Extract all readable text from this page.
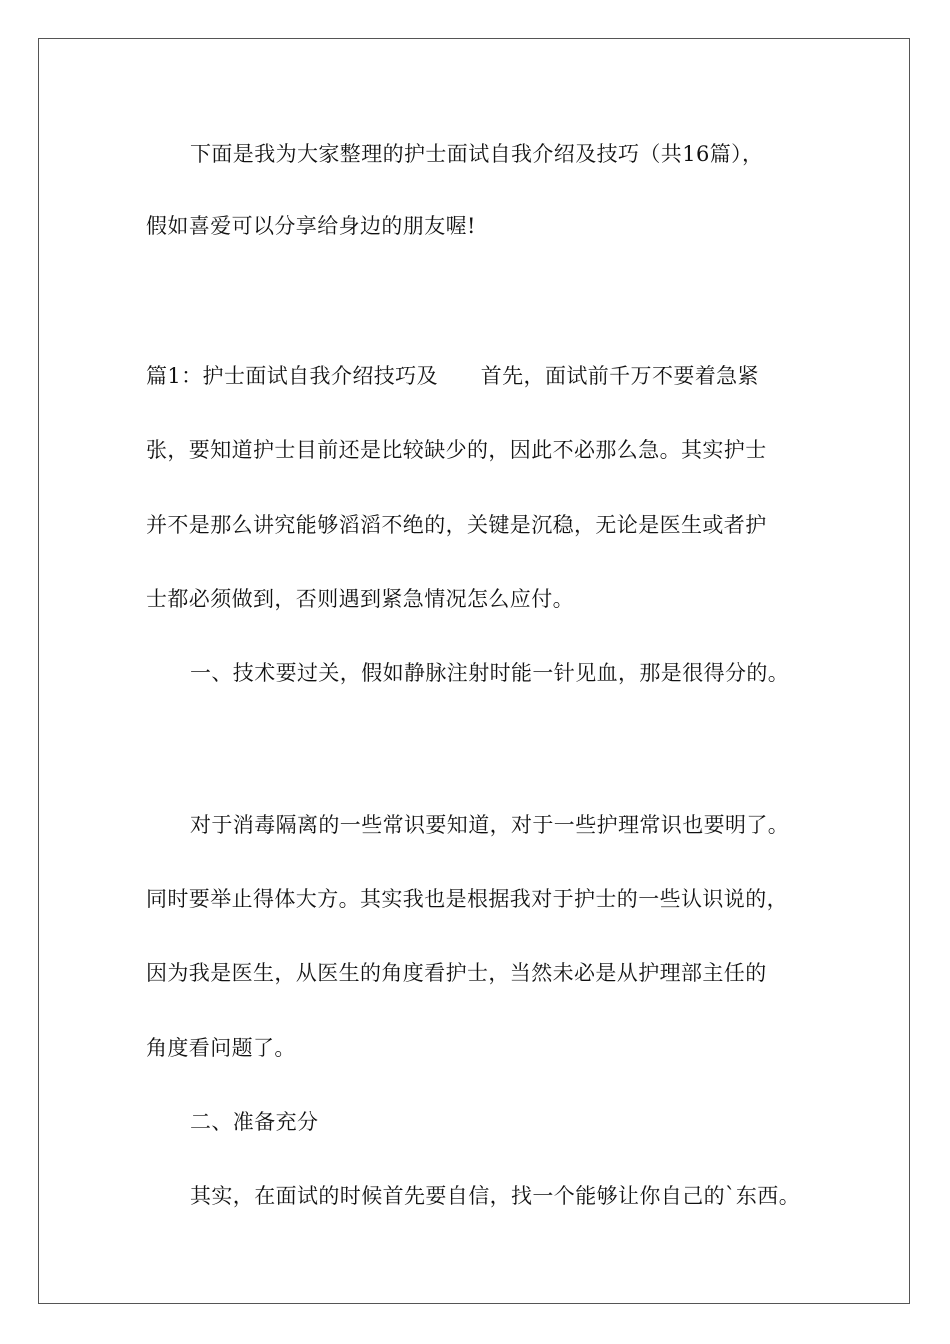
下面是我为大家整理的护士面试自我介绍及技巧（共16篇），
假如喜爱可以分享给身边的朋友喔!
篇1：护士面试自我介绍技巧及　　首先，面试前千万不要着急紧
张，要知道护士目前还是比较缺少的，因此不必那么急。其实护士
并不是那么讲究能够滔滔不绝的，关键是沉稳，无论是医生或者护
士都必须做到，否则遇到紧急情况怎么应付。
一、技术要过关，假如静脉注射时能一针见血，那是很得分的。
对于消毒隔离的一些常识要知道，对于一些护理常识也要明了。
同时要举止得体大方。其实我也是根据我对于护士的一些认识说的，
因为我是医生，从医生的角度看护士，当然未必是从护理部主任的
角度看问题了。
二、准备充分
其实，在面试的时候首先要自信，找一个能够让你自己的`东西。
